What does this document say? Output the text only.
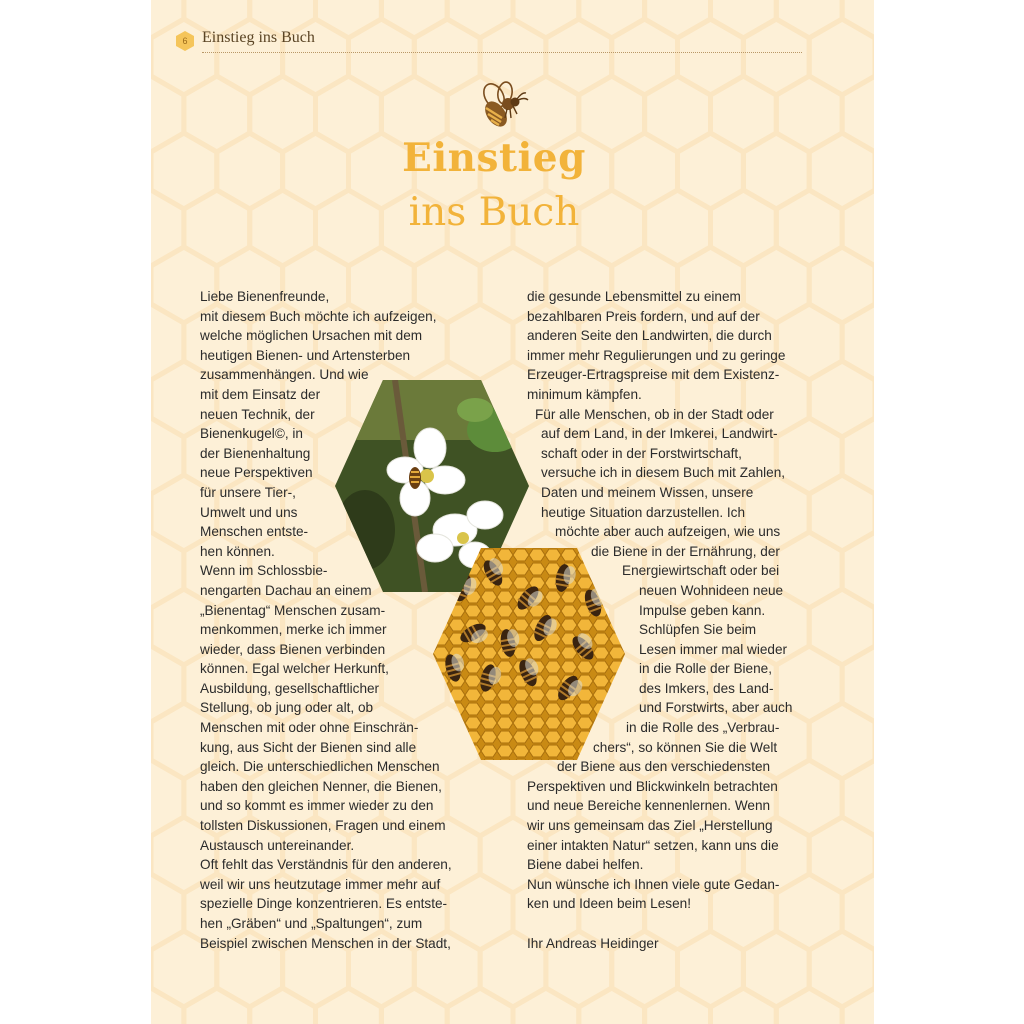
6 Einstieg ins Buch
Einstieg
ins Buch
Liebe Bienenfreunde,
mit diesem Buch möchte ich aufzeigen,
welche möglichen Ursachen mit dem
heutigen Bienen- und Artensterben
zusammenhängen. Und wie
mit dem Einsatz der
neuen Technik, der
Bienenkugel©, in
der Bienenhaltung
neue Perspektiven
für unsere Tier-,
Umwelt und uns
Menschen entste-
hen können.
Wenn im Schlossbie-
nengarten Dachau an einem
„Bienentag“ Menschen zusam-
menkommen, merke ich immer
wieder, dass Bienen verbinden
können. Egal welcher Herkunft,
Ausbildung, gesellschaftlicher
Stellung, ob jung oder alt, ob
Menschen mit oder ohne Einschrän-
kung, aus Sicht der Bienen sind alle
gleich. Die unterschiedlichen Menschen
haben den gleichen Nenner, die Bienen,
und so kommt es immer wieder zu den
tollsten Diskussionen, Fragen und einem
Austausch untereinander.
Oft fehlt das Verständnis für den anderen,
weil wir uns heutzutage immer mehr auf
spezielle Dinge konzentrieren. Es entste-
hen „Gräben“ und „Spaltungen“, zum
Beispiel zwischen Menschen in der Stadt,
die gesunde Lebensmittel zu einem
bezahlbaren Preis fordern, und auf der
anderen Seite den Landwirten, die durch
immer mehr Regulierungen und zu geringe
Erzeuger-Ertragspreise mit dem Existenz-
minimum kämpfen.
Für alle Menschen, ob in der Stadt oder
auf dem Land, in der Imkerei, Landwirt-
schaft oder in der Forstwirtschaft,
versuche ich in diesem Buch mit Zahlen,
Daten und meinem Wissen, unsere
heutige Situation darzustellen. Ich
möchte aber auch aufzeigen, wie uns
die Biene in der Ernährung, der
Energiewirtschaft oder bei
neuen Wohnideen neue
Impulse geben kann.
Schlüpfen Sie beim
Lesen immer mal wieder
in die Rolle der Biene,
des Imkers, des Land-
und Forstwirts, aber auch
in die Rolle des „Verbrau-
chers“, so können Sie die Welt
der Biene aus den verschiedensten
Perspektiven und Blickwinkeln betrachten
und neue Bereiche kennenlernen. Wenn
wir uns gemeinsam das Ziel „Herstellung
einer intakten Natur“ setzen, kann uns die
Biene dabei helfen.
Nun wünsche ich Ihnen viele gute Gedan-
ken und Ideen beim Lesen!
Ihr Andreas Heidinger
